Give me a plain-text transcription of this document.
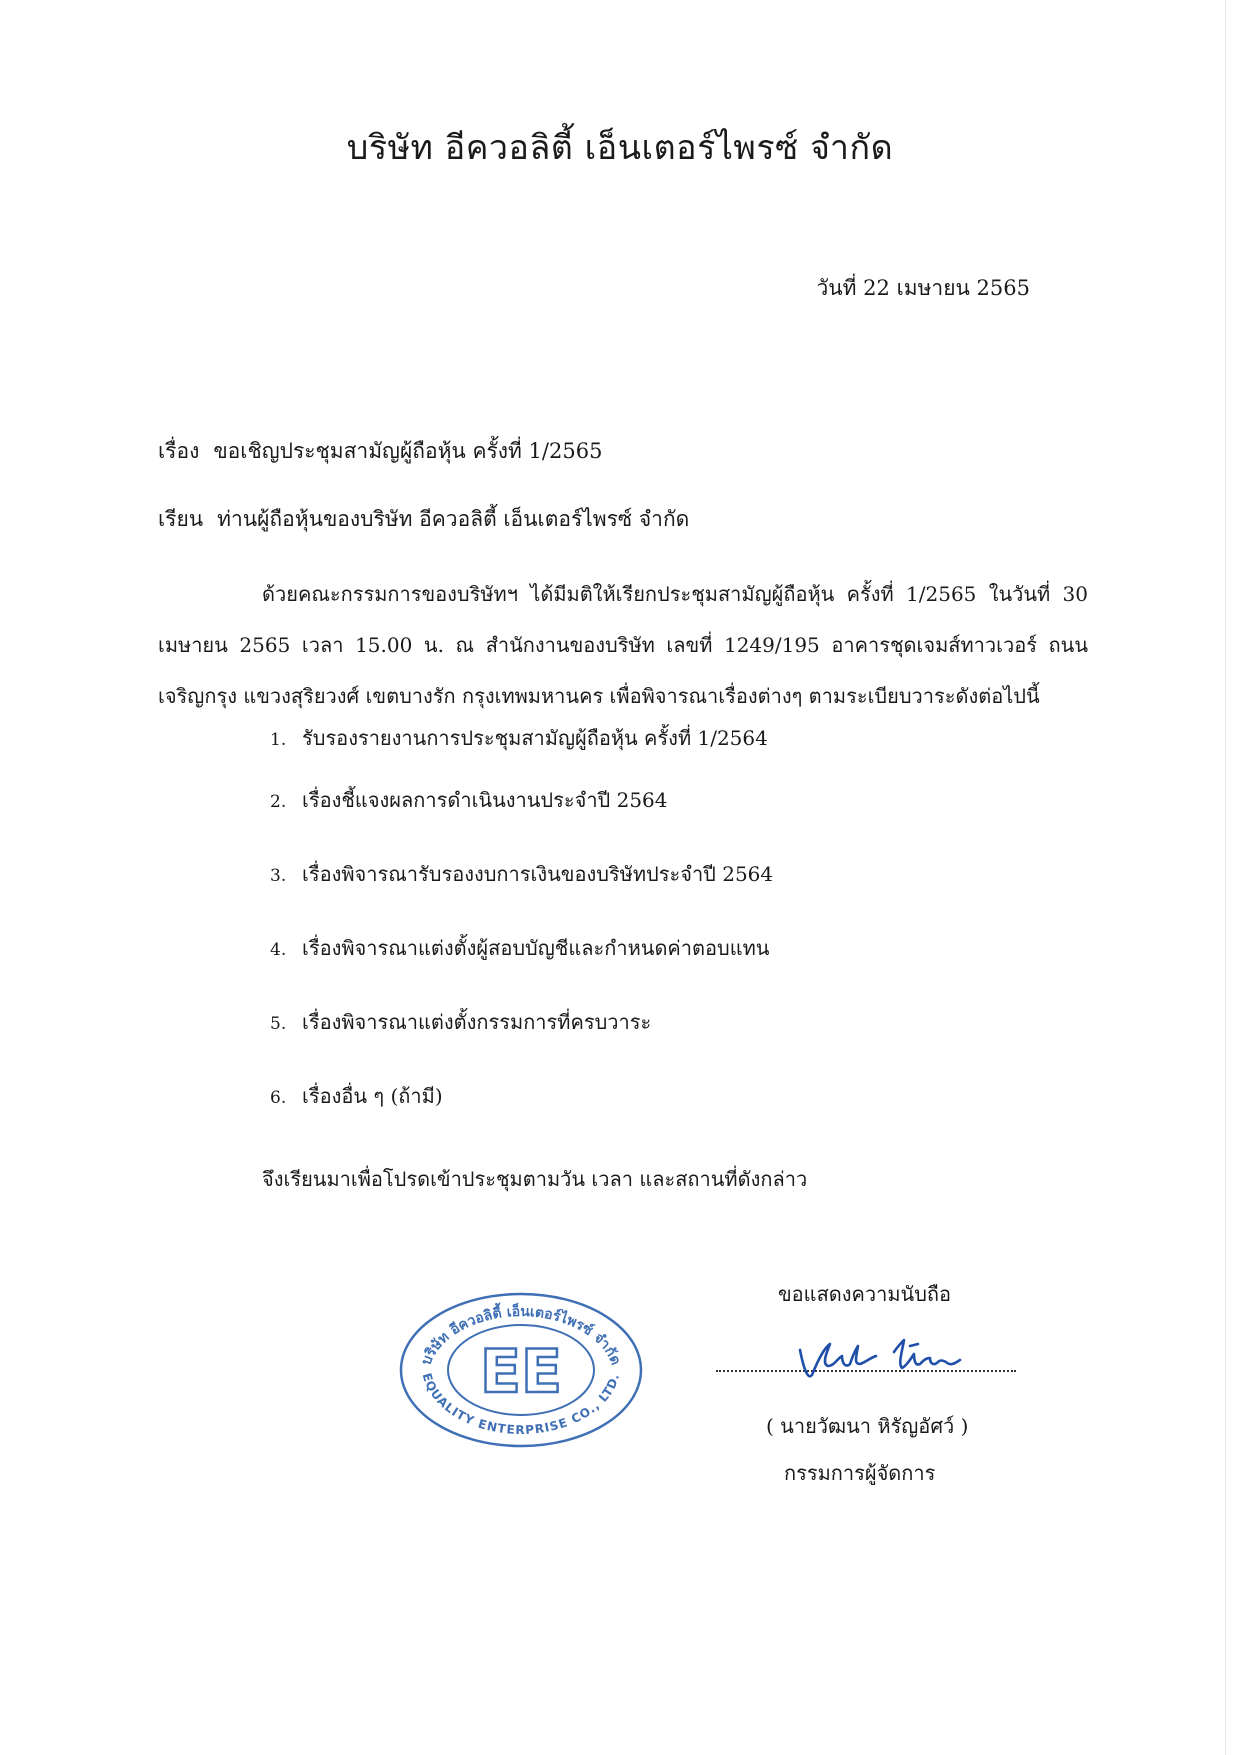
บริษัท อีควอลิตี้ เอ็นเตอร์ไพรซ์ จำกัด
วันที่ 22 เมษายน 2565
เรื่อง ขอเชิญประชุมสามัญผู้ถือหุ้น ครั้งที่ 1/2565
เรียน ท่านผู้ถือหุ้นของบริษัท อีควอลิตี้ เอ็นเตอร์ไพรซ์ จำกัด

ด้วยคณะกรรมการของบริษัทฯ ได้มีมติให้เรียกประชุมสามัญผู้ถือหุ้น ครั้งที่ 1/2565 ในวันที่ 30 เมษายน 2565 เวลา 15.00 น. ณ สำนักงานของบริษัท เลขที่ 1249/195 อาคารชุดเจมส์ทาวเวอร์ ถนนเจริญกรุง แขวงสุริยวงศ์ เขตบางรัก กรุงเทพมหานคร เพื่อพิจารณาเรื่องต่างๆ ตามระเบียบวาระดังต่อไปนี้

1. รับรองรายงานการประชุมสามัญผู้ถือหุ้น ครั้งที่ 1/2564
2. เรื่องชี้แจงผลการดำเนินงานประจำปี 2564
3. เรื่องพิจารณารับรองงบการเงินของบริษัทประจำปี 2564
4. เรื่องพิจารณาแต่งตั้งผู้สอบบัญชีและกำหนดค่าตอบแทน
5. เรื่องพิจารณาแต่งตั้งกรรมการที่ครบวาระ
6. เรื่องอื่น ๆ (ถ้ามี)
จึงเรียนมาเพื่อโปรดเข้าประชุมตามวัน เวลา และสถานที่ดังกล่าว
ขอแสดงความนับถือ
บริษัท อีควอลิตี้ เอ็นเตอร์ไพรซ์ จำกัด
EQUALITY ENTERPRISE CO., LTD.
EE
( นายวัฒนา หิรัญอัศว์ )
กรรมการผู้จัดการ
